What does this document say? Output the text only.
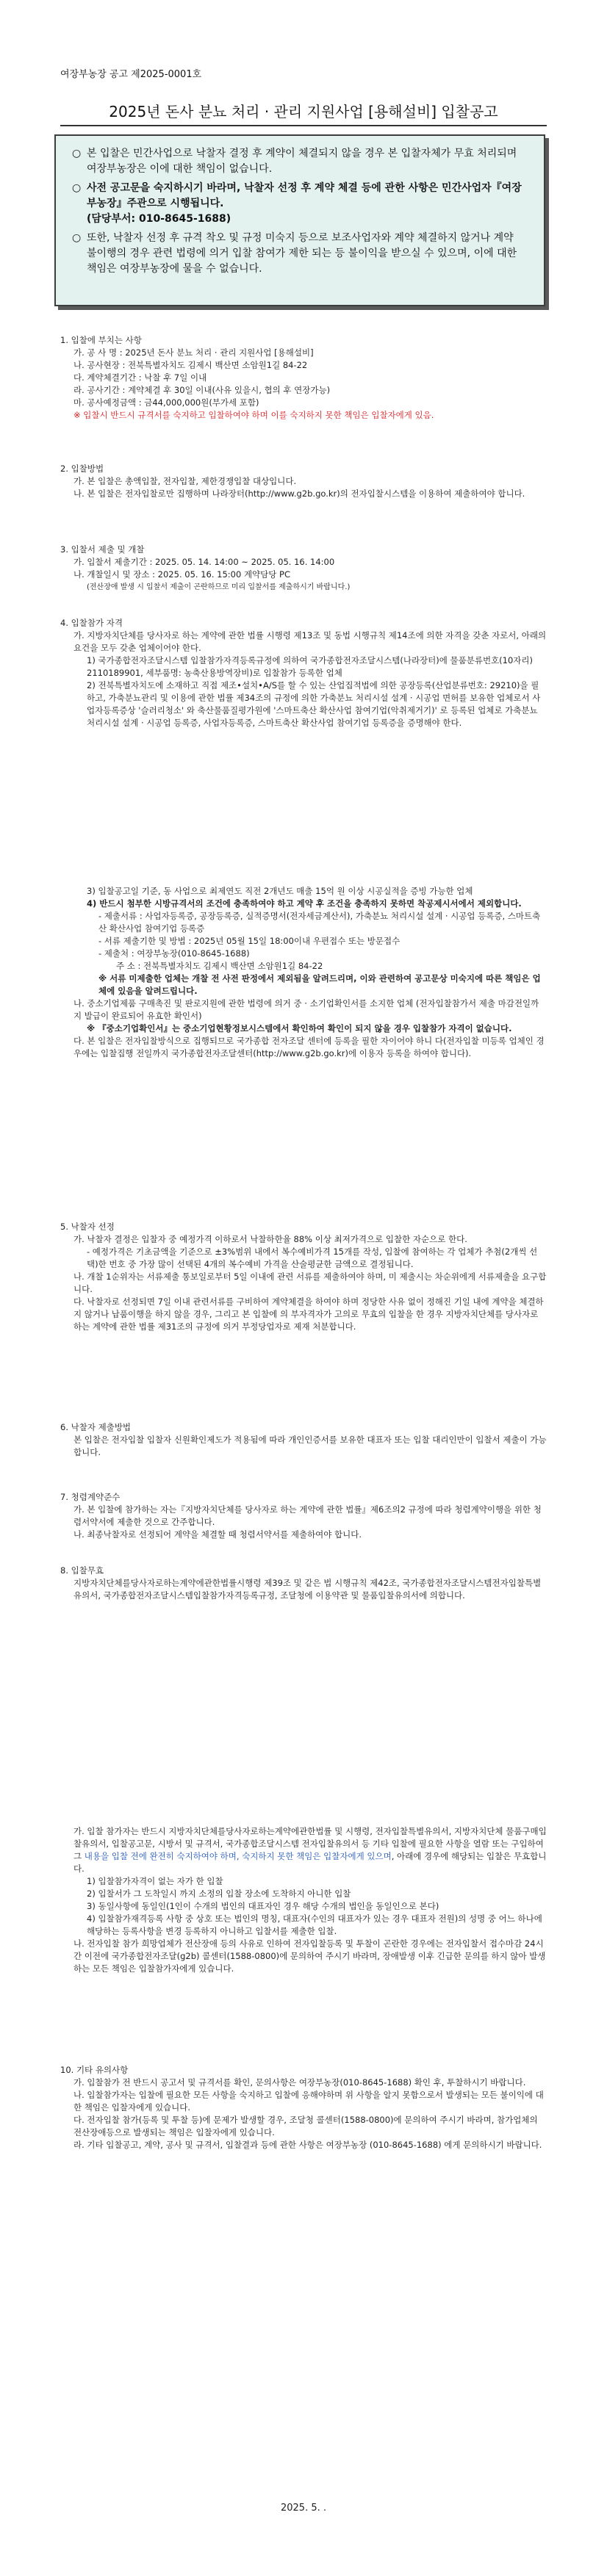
여장부농장 공고 제2025-0001호
2025년 돈사 분뇨 처리 · 관리 지원사업 [용해설비] 입찰공고
○ 본 입찰은 민간사업으로 낙찰자 결정 후 계약이 체결되지 않을 경우 본 입찰자체가 무효 처리되며 여장부농장은 이에 대한 책임이 없습니다.
○ 사전 공고문을 숙지하시기 바라며, 낙찰자 선정 후 계약 체결 등에 관한 사항은 민간사업자『여장부농장』주관으로 시행됩니다.
(담당부서: 010-8645-1688)
○ 또한, 낙찰자 선정 후 규격 착오 및 규정 미숙지 등으로 보조사업자와 계약 체결하지 않거나 계약 불이행의 경우 관련 법령에 의거 입찰 참여가 제한 되는 등 불이익을 받으실 수 있으며, 이에 대한 책임은 여장부농장에 물을 수 없습니다.

1. 입찰에 부치는 사항

가. 공 사 명 : 2025년 돈사 분뇨 처리 · 관리 지원사업 [용해설비]

나. 공사현장 : 전북특별자치도 김제시 백산면 소암원1길 84-22

다. 계약체결기간 : 낙찰 후 7일 이내

라. 공사기간 : 계약체결 후 30일 이내(사유 있을시, 협의 후 연장가능)

마. 공사예정금액 : 금44,000,000원(부가세 포함)

※ 입찰시 반드시 규격서를 숙지하고 입찰하여야 하며 이를 숙지하지 못한 책임은 입찰자에게 있음.

2. 입찰방법

가. 본 입찰은 총액입찰, 전자입찰, 제한경쟁입찰 대상입니다.

나. 본 입찰은 전자입찰로만 집행하며 나라장터(http://www.g2b.go.kr)의 전자입찰시스템을 이용하여 제출하여야 합니다.

3. 입찰서 제출 및 개찰

가. 입찰서 제출기간 : 2025. 05. 14. 14:00 ~ 2025. 05. 16. 14:00

나. 개찰일시 및 장소 : 2025. 05. 16. 15:00 계약담당 PC

(전산장애 발생 시 입찰서 제출이 곤란하므로 미리 입찰서를 제출하시기 바랍니다.)

4. 입찰참가 자격

가. 지방자치단체를 당사자로 하는 계약에 관한 법률 시행령 제13조 및 동법 시행규칙 제14조에 의한 자격을 갖춘 자로서, 아래의 요건을 모두 갖춘 업체이어야 한다.

1) 국가종합전자조달시스템 입찰참가자격등록규정에 의하여 국가종합전자조달시스템(나라장터)에 물품분류번호(10자리) 2110189901, 세부품명: 농축산용방역장비)로 입찰참가 등록한 업체

2) 전북특별자치도에 소재하고 직접 제조•설치•A/S를 할 수 있는 산업집적법에 의한 공장등록(산업분류번호: 29210)을 필하고, 가축분뇨관리 및 이용에 관한 법률 제34조의 규정에 의한 가축분뇨 처리시설 설계 · 시공업 면허를 보유한 업체로서 사업자등록증상 '슬러리청소' 와 축산물품질평가원에 '스마트축산 확산사업 참여기업(악취제거기)' 로 등록된 업체로 가축분뇨 처리시설 설계 · 시공업 등록증, 사업자등록증, 스마트축산 확산사업 참여기업 등록증을 증명해야 한다.

3) 입찰공고일 기준, 동 사업으로 최제연도 직전 2개년도 매출 15억 원 이상 시공실적을 증빙 가능한 업체

4) 반드시 첨부한 시방규격서의 조건에 충족하여야 하고 계약 후 조건을 충족하지 못하면 착공제시서에서 제외합니다.

- 제출서류 : 사업자등록증, 공장등록증, 실적증명서(전자세금계산서), 가축분뇨 처리시설 설계 · 시공업 등록증, 스마트축산 확산사업 참여기업 등록증

- 서류 제출기한 및 방법 : 2025년 05월 15일 18:00이내 우편접수 또는 방문접수

- 제출처 : 여장부농장(010-8645-1688)

주 소 : 전북특별자치도 김제시 백산면 소암원1길 84-22

※ 서류 미제출한 업체는 개찰 전 사전 판정에서 제외됨을 알려드리며, 이와 관련하여 공고문상 미숙지에 따른 책임은 업체에 있음을 알려드립니다.

나. 중소기업제품 구매촉진 및 판로지원에 관한 법령에 의거 중 · 소기업확인서를 소지한 업체 (전자입찰참가서 제출 마감전일까지 발급이 완료되어 유효한 확인서)

※ 『중소기업확인서』는 중소기업현황정보시스템에서 확인하여 확인이 되지 않을 경우 입찰참가 자격이 없습니다.

다. 본 입찰은 전자입찰방식으로 집행되므로 국가종합 전자조달 센터에 등록을 필한 자이어야 하니 다(전자입찰 미등록 업체인 경우에는 입찰집행 전일까지 국가종합전자조달센터(http://www.g2b.go.kr)에 이용자 등록을 하여야 합니다).

5. 낙찰자 선정

가. 낙찰자 결정은 입찰자 중 예정가격 이하로서 낙찰하한율 88% 이상 최저가격으로 입찰한 자순으로 한다.

- 예정가격은 기초금액을 기준으로 ±3%범위 내에서 복수예비가격 15개를 작성, 입찰에 참여하는 각 업체가 추첨(2개씩 선택)한 번호 중 가장 많이 선택된 4개의 복수예비 가격을 산술평균한 금액으로 결정됩니다.

나. 개찰 1순위자는 서류제출 통보일로부터 5일 이내에 관련 서류를 제출하여야 하며, 미 제출시는 차순위에게 서류제출을 요구합니다.

다. 낙찰자로 선정되면 7일 이내 관련서류를 구비하여 계약체결을 하여야 하며 정당한 사유 없이 정해진 기일 내에 계약을 체결하지 않거나 납품이행을 하지 않을 경우, 그리고 본 입찰에 의 부자격자가 고의로 무효의 입찰을 한 경우 지방자치단체를 당사자로 하는 계약에 관한 법률 제31조의 규정에 의거 부정당업자로 제재 처분합니다.

6. 낙찰자 제출방법

본 입찰은 전자입찰 입찰자 신원확인제도가 적용됨에 따라 개인인증서를 보유한 대표자 또는 입찰 대리인만이 입찰서 제출이 가능합니다.

7. 청렴계약준수

가. 본 입찰에 참가하는 자는『지방자치단체를 당사자로 하는 계약에 관한 법률』제6조의2 규정에 따라 청렴계약이행을 위한 청렴서약서에 제출한 것으로 간주합니다.

나. 최종낙찰자로 선정되어 계약을 체결할 때 청렴서약서를 제출하여야 합니다.

8. 입찰무효

지방자치단체를당사자로하는계약에관한법률시행령 제39조 및 같은 법 시행규칙 제42조, 국가종합전자조달시스템전자입찰특별유의서, 국가종합전자조달시스템입찰참가자격등록규정, 조달청에 이용약관 및 물품입찰유의서에 의합니다.

가. 입찰 참가자는 반드시 지방자치단체를당사자로하는계약에관한법률 및 시행령, 전자입찰특별유의서, 지방자치단체 물품구매입찰유의서, 입찰공고문, 시방서 및 규격서, 국가종합조달시스템 전자입찰유의서 등 기타 입찰에 필요한 사항을 열람 또는 구입하여 그 내용을 입찰 전에 완전히 숙지하여야 하며, 숙지하지 못한 책임은 입찰자에게 있으며, 아래에 경우에 해당되는 입찰은 무효합니다.

1) 입찰참가자격이 없는 자가 한 입찰

2) 입찰서가 그 도착일시 까지 소정의 입찰 장소에 도착하지 아니한 입찰

3) 동일사항에 동일인(1인이 수개의 법인의 대표자인 경우 해당 수개의 법인을 동일인으로 본다)

4) 입찰참가재격등록 사항 중 상호 또는 법인의 명칭, 대표자(수인의 대표자가 있는 경우 대표자 전원)의 성명 중 어느 하나에 해당하는 등록사항을 변경 등록하지 아니하고 입찰서를 제출한 입찰.

나. 전자입찰 참가 희망업체가 전산장애 등의 사유로 인하여 전자입찰등록 및 투찰이 곤란한 경우에는 전자입찰서 접수마감 24시간 이전에 국가종합전자조달(g2b) 콜센터(1588-0800)에 문의하여 주시기 바라며, 장애발생 이후 긴급한 문의를 하지 않아 발생하는 모든 책임은 입찰참가자에게 있습니다.

10. 기타 유의사항

가. 입찰참가 전 반드시 공고서 및 규격서를 확인, 문의사항은 여장부농장(010-8645-1688) 확인 후, 투찰하시기 바랍니다.

나. 입찰참가자는 입찰에 필요한 모든 사항을 숙지하고 입찰에 응해야하며 위 사항을 알지 못함으로서 발생되는 모든 불이익에 대한 책임은 입찰자에게 있습니다.

다. 전자입찰 참가(등록 및 투찰 등)에 문제가 발생할 경우, 조달청 콜센터(1588-0800)에 문의하여 주시기 바라며, 참가업체의 전산장애등으로 발생되는 책임은 입찰자에게 있습니다.

라. 기타 입찰공고, 계약, 공사 및 규격서, 입찰결과 등에 관한 사항은 여장부농장 (010-8645-1688) 에게 문의하시기 바랍니다.

2025. 5. .
